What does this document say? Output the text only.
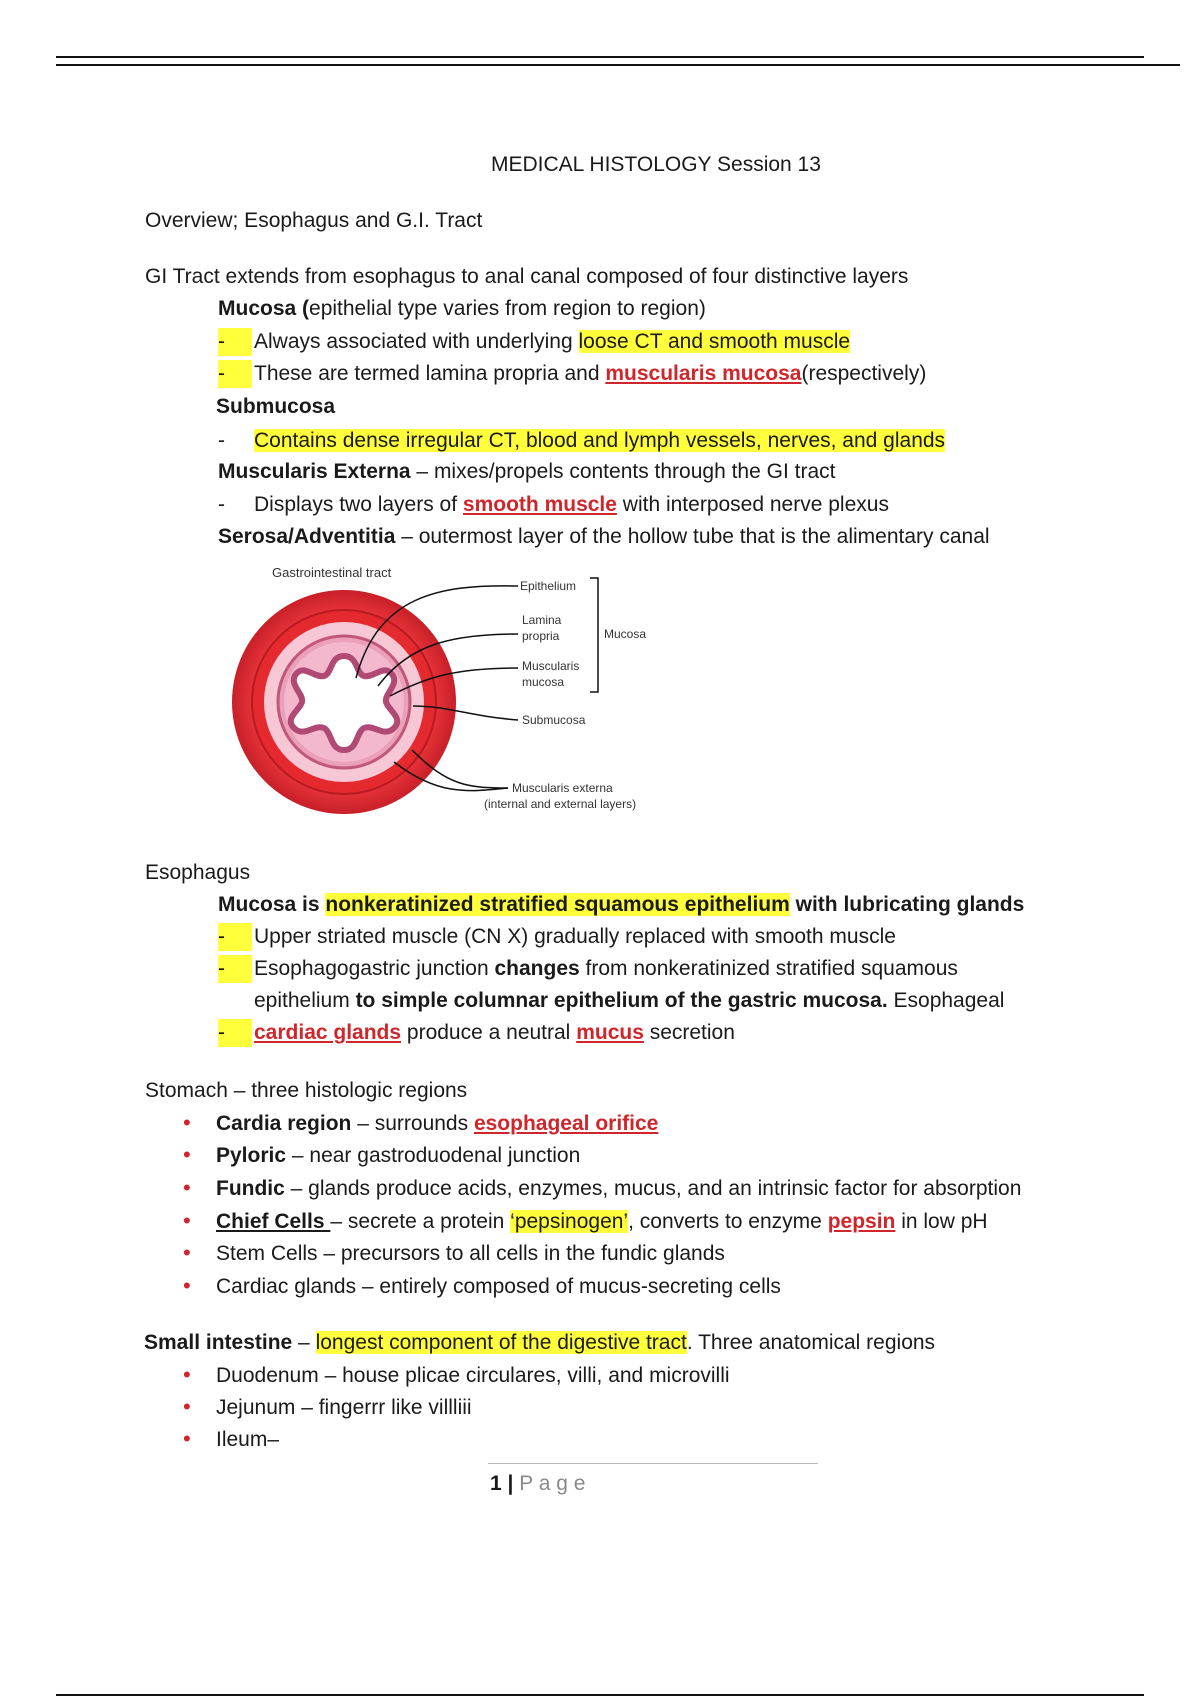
MEDICAL HISTOLOGY Session 13
Overview; Esophagus and G.I. Tract
GI Tract extends from esophagus to anal canal composed of four distinctive layers
Mucosa (epithelial type varies from region to region)
- Always associated with underlying loose CT and smooth muscle
- These are termed lamina propria and muscularis mucosa(respectively)
Submucosa
- Contains dense irregular CT, blood and lymph vessels, nerves, and glands
Muscularis Externa – mixes/propels contents through the GI tract
- Displays two layers of smooth muscle with interposed nerve plexus
Serosa/Adventitia – outermost layer of the hollow tube that is the alimentary canal
Gastrointestinal tract
Epithelium
Lamina
propria	Mucosa
Muscularis
mucosa
Submucosa
Muscularis externa
(internal and external layers)
Esophagus
Mucosa is nonkeratinized stratified squamous epithelium with lubricating glands
- Upper striated muscle (CN X) gradually replaced with smooth muscle
- Esophagogastric junction changes from nonkeratinized stratified squamous
epithelium to simple columnar epithelium of the gastric mucosa. Esophageal
- cardiac glands produce a neutral mucus secretion
Stomach – three histologic regions
• Cardia region – surrounds esophageal orifice
• Pyloric – near gastroduodenal junction
• Fundic – glands produce acids, enzymes, mucus, and an intrinsic factor for absorption
• Chief Cells – secrete a protein ‘pepsinogen’, converts to enzyme pepsin in low pH
• Stem Cells – precursors to all cells in the fundic glands
• Cardiac glands – entirely composed of mucus-secreting cells
Small intestine – longest component of the digestive tract. Three anatomical regions
• Duodenum – house plicae circulares, villi, and microvilli
• Jejunum – fingerrr like villliii
• Ileum–
1 | P a g e
